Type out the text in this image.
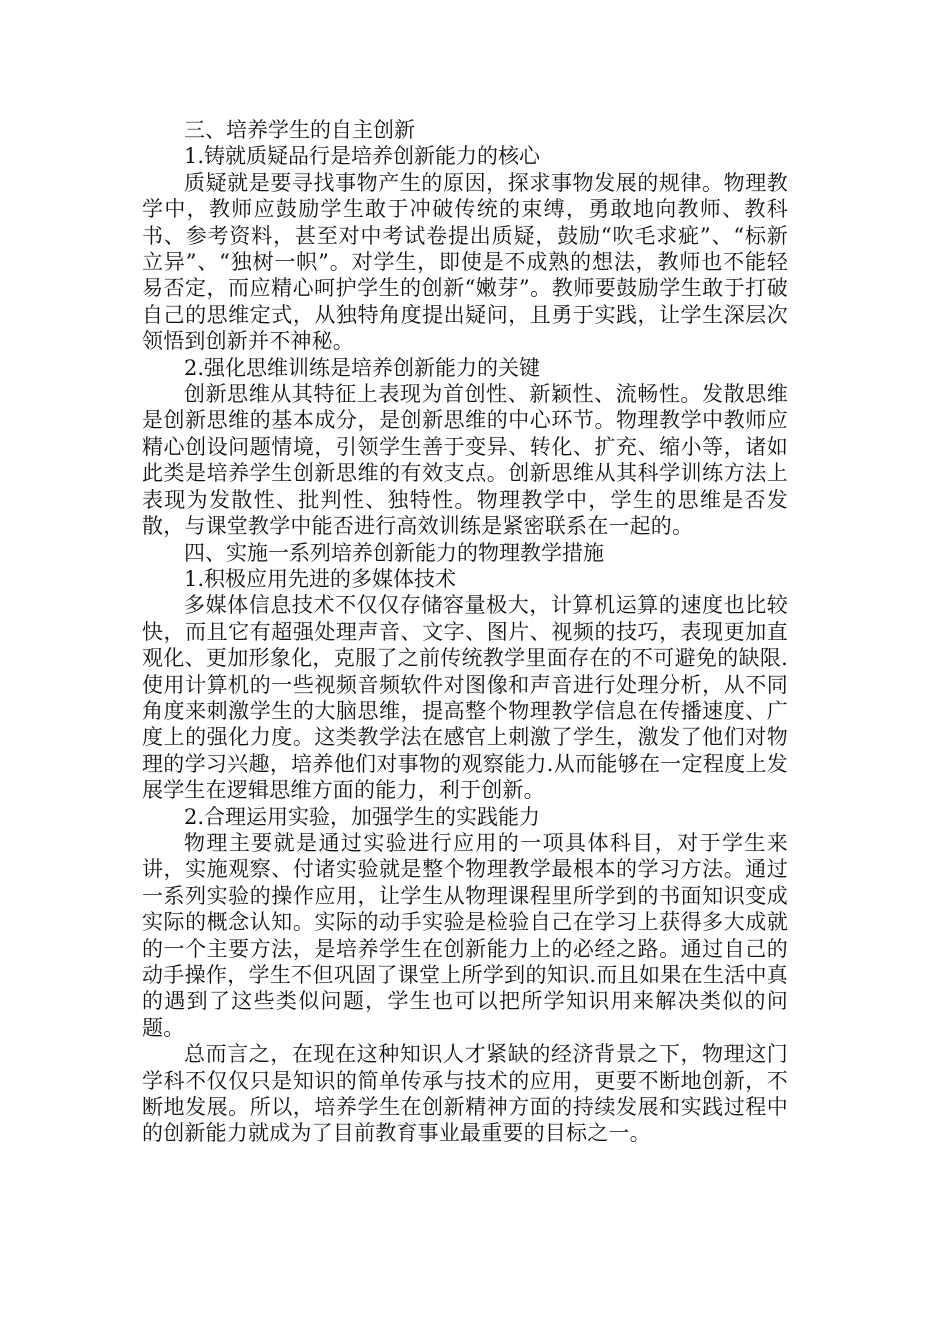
三、培养学生的自主创新

1.铸就质疑品行是培养创新能力的核心

质疑就是要寻找事物产生的原因，探求事物发展的规律。物理教学中，教师应鼓励学生敢于冲破传统的束缚，勇敢地向教师、教科书、参考资料，甚至对中考试卷提出质疑，鼓励“吹毛求疵”、“标新立异”、“独树一帜”。对学生，即使是不成熟的想法，教师也不能轻易否定，而应精心呵护学生的创新“嫩芽”。教师要鼓励学生敢于打破自己的思维定式，从独特角度提出疑问，且勇于实践，让学生深层次领悟到创新并不神秘。

2.强化思维训练是培养创新能力的关键

创新思维从其特征上表现为首创性、新颖性、流畅性。发散思维是创新思维的基本成分，是创新思维的中心环节。物理教学中教师应精心创设问题情境，引领学生善于变异、转化、扩充、缩小等，诸如此类是培养学生创新思维的有效支点。创新思维从其科学训练方法上表现为发散性、批判性、独特性。物理教学中，学生的思维是否发散，与课堂教学中能否进行高效训练是紧密联系在一起的。

四、实施一系列培养创新能力的物理教学措施

1.积极应用先进的多媒体技术

多媒体信息技术不仅仅存储容量极大，计算机运算的速度也比较快，而且它有超强处理声音、文字、图片、视频的技巧，表现更加直观化、更加形象化，克服了之前传统教学里面存在的不可避免的缺限.使用计算机的一些视频音频软件对图像和声音进行处理分析，从不同角度来刺激学生的大脑思维，提高整个物理教学信息在传播速度、广度上的强化力度。这类教学法在感官上刺激了学生，激发了他们对物理的学习兴趣，培养他们对事物的观察能力.从而能够在一定程度上发展学生在逻辑思维方面的能力，利于创新。

2.合理运用实验，加强学生的实践能力

物理主要就是通过实验进行应用的一项具体科目，对于学生来讲，实施观察、付诸实验就是整个物理教学最根本的学习方法。通过一系列实验的操作应用，让学生从物理课程里所学到的书面知识变成实际的概念认知。实际的动手实验是检验自己在学习上获得多大成就的一个主要方法，是培养学生在创新能力上的必经之路。通过自己的动手操作，学生不但巩固了课堂上所学到的知识.而且如果在生活中真的遇到了这些类似问题，学生也可以把所学知识用来解决类似的问题。

总而言之，在现在这种知识人才紧缺的经济背景之下，物理这门学科不仅仅只是知识的简单传承与技术的应用，更要不断地创新，不断地发展。所以，培养学生在创新精神方面的持续发展和实践过程中的创新能力就成为了目前教育事业最重要的目标之一。
